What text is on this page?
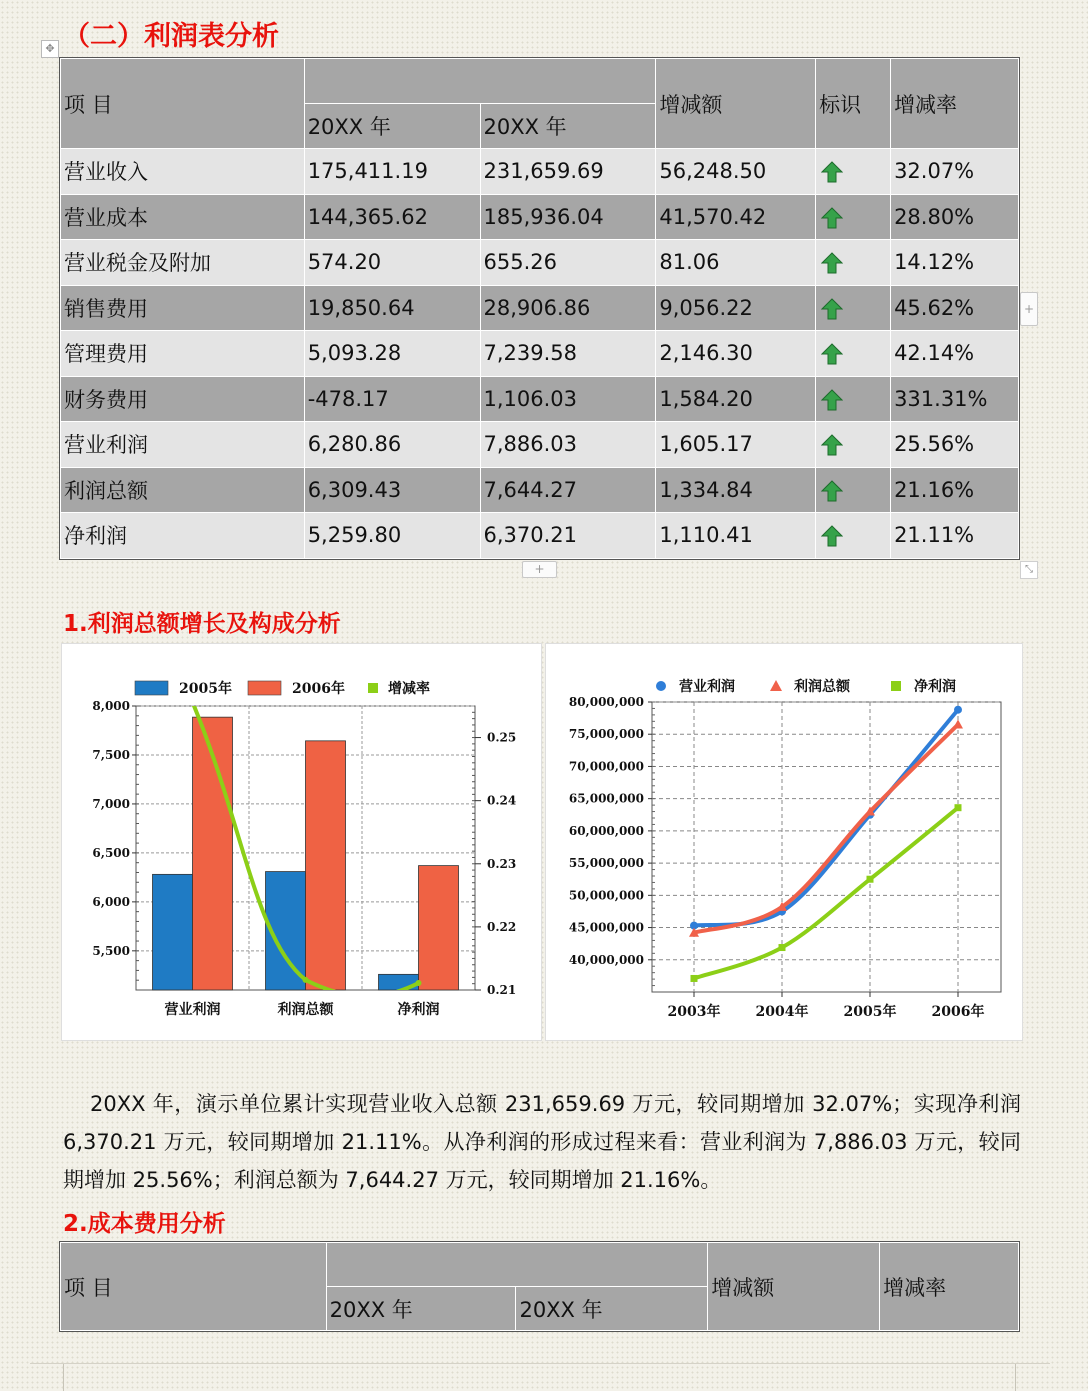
（二）利润表分析
✥
项 目			增减额	标识	增减率
	20XX 年	20XX 年			
营业收入	175,411.19	231,659.69	56,248.50		32.07%
营业成本	144,365.62	185,936.04	41,570.42		28.80%
营业税金及附加	574.20	655.26	81.06		14.12%
销售费用	19,850.64	28,906.86	9,056.22		45.62%
管理费用	5,093.28	7,239.58	2,146.30		42.14%
财务费用	-478.17	1,106.03	1,584.20		331.31%
营业利润	6,280.86	7,886.03	1,605.17		25.56%
利润总额	6,309.43	7,644.27	1,334.84		21.16%
净利润	5,259.80	6,370.21	1,110.41		21.11%
+
+	⤡
1.利润总额增长及构成分析
8,000
7,500
7,000
6,500
6,000
5,500
0.25
0.24
0.23
0.22
0.21
营业利润	利润总额	净利润
2005年	2006年	增减率
80,000,000
75,000,000
70,000,000
65,000,000
60,000,000
55,000,000
50,000,000
45,000,000
40,000,000
2003年	2004年	2005年	2006年
营业利润	利润总额	净利润
20XX 年，演示单位累计实现营业收入总额 231,659.69 万元，较同期增加 32.07%；实现净利润 6,370.21 万元，较同期增加 21.11%。从净利润的形成过程来看：营业利润为 7,886.03 万元，较同期增加 25.56%；利润总额为 7,644.27 万元，较同期增加 21.16%。
2.成本费用分析
项 目			增减额	增减率
	20XX 年	20XX 年		
